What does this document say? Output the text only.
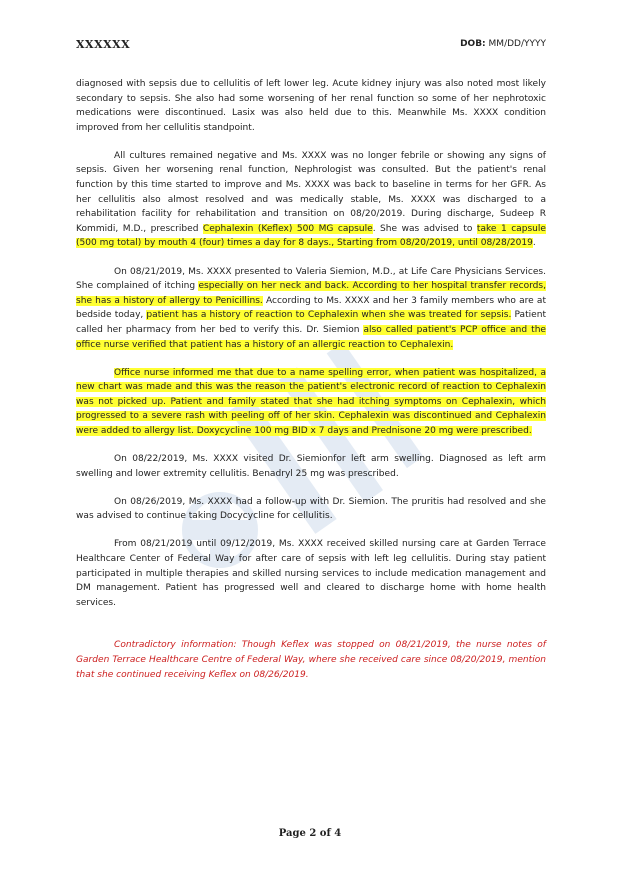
XXXXXX	DOB: MM/DD/YYYY

diagnosed with sepsis due to cellulitis of left lower leg. Acute kidney injury was also noted most likely secondary to sepsis. She also had some worsening of her renal function so some of her nephrotoxic medications were discontinued. Lasix was also held due to this. Meanwhile Ms. XXXX condition improved from her cellulitis standpoint.

All cultures remained negative and Ms. XXXX was no longer febrile or showing any signs of sepsis. Given her worsening renal function, Nephrologist was consulted. But the patient's renal function by this time started to improve and Ms. XXXX was back to baseline in terms for her GFR. As her cellulitis also almost resolved and was medically stable, Ms. XXXX was discharged to a rehabilitation facility for rehabilitation and transition on 08/20/2019. During discharge, Sudeep R Kommidi, M.D., prescribed Cephalexin (Keflex) 500 MG capsule. She was advised to take 1 capsule (500 mg total) by mouth 4 (four) times a day for 8 days., Starting from 08/20/2019, until 08/28/2019.

On 08/21/2019, Ms. XXXX presented to Valeria Siemion, M.D., at Life Care Physicians Services. She complained of itching especially on her neck and back. According to her hospital transfer records, she has a history of allergy to Penicillins. According to Ms. XXXX and her 3 family members who are at bedside today, patient has a history of reaction to Cephalexin when she was treated for sepsis. Patient called her pharmacy from her bed to verify this. Dr. Siemion also called patient's PCP office and the office nurse verified that patient has a history of an allergic reaction to Cephalexin.

Office nurse informed me that due to a name spelling error, when patient was hospitalized, a new chart was made and this was the reason the patient's electronic record of reaction to Cephalexin was not picked up. Patient and family stated that she had itching symptoms on Cephalexin, which progressed to a severe rash with peeling off of her skin. Cephalexin was discontinued and Cephalexin were added to allergy list. Doxycycline 100 mg BID x 7 days and Prednisone 20 mg were prescribed.

On 08/22/2019, Ms. XXXX visited Dr. Siemionfor left arm swelling. Diagnosed as left arm swelling and lower extremity cellulitis. Benadryl 25 mg was prescribed.

On 08/26/2019, Ms. XXXX had a follow-up with Dr. Siemion. The pruritis had resolved and she was advised to continue taking Docycycline for cellulitis.

From 08/21/2019 until 09/12/2019, Ms. XXXX received skilled nursing care at Garden Terrace Healthcare Center of Federal Way for after care of sepsis with left leg cellulitis. During stay patient participated in multiple therapies and skilled nursing services to include medication management and DM management. Patient has progressed well and cleared to discharge home with home health services.

Contradictory information: Though Keflex was stopped on 08/21/2019, the nurse notes of Garden Terrace Healthcare Centre of Federal Way, where she received care since 08/20/2019, mention that she continued receiving Keflex on 08/26/2019.

Page 2 of 4
